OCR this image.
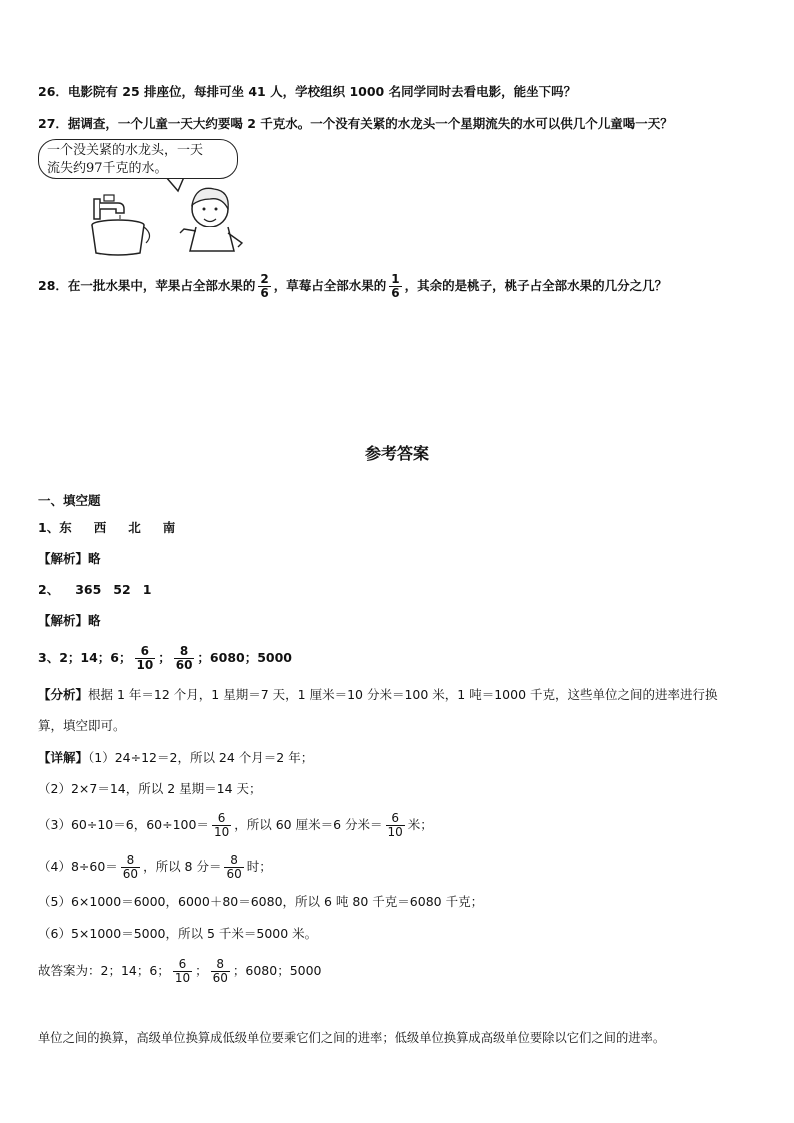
26．电影院有 25 排座位，每排可坐 41 人，学校组织 1000 名同学同时去看电影，能坐下吗？
27．据调查，一个儿童一天大约要喝 2 千克水。一个没有关紧的水龙头一个星期流失的水可以供几个儿童喝一天？
一个没关紧的水龙头，一天
流失约97千克的水。
28．在一批水果中，苹果占全部水果的 $\frac{2}{6}$ ，草莓占全部水果的 $\frac{1}{6}$ ，其余的是桃子，桃子占全部水果的几分之几？
参考答案
一、填空题
1、东 西 北 南
【解析】略
2、 365 52 1
【解析】略
3、2；14；6； $\frac{6}{10}$ ； $\frac{8}{60}$ ；6080；5000
【分析】根据 1 年＝12 个月，1 星期＝7 天，1 厘米＝10 分米＝100 米，1 吨＝1000 千克，这些单位之间的进率进行换
算，填空即可。
【详解】（1）24÷12＝2，所以 24 个月＝2 年；
（2）2×7＝14，所以 2 星期＝14 天；
（3）60÷10＝6，$60\div 100= \frac{6}{10}$ ，所以 60 厘米＝6 分米＝ $\frac{6}{10}$ 米；
$(4)8\div 60= \frac{8}{60}$ ，所以 8 分＝ $\frac{8}{60}$ 时；
（5）6×1000＝6000，6000＋80＝6080，所以 6 吨 80 千克＝6080 千克；
（6）5×1000＝5000，所以 5 千米＝5000 米。
故答案为：2；14；6； $\frac{6}{10}$ ； $\frac{8}{60}$ ；6080；5000
单位之间的换算，高级单位换算成低级单位要乘它们之间的进率；低级单位换算成高级单位要除以它们之间的进率。
